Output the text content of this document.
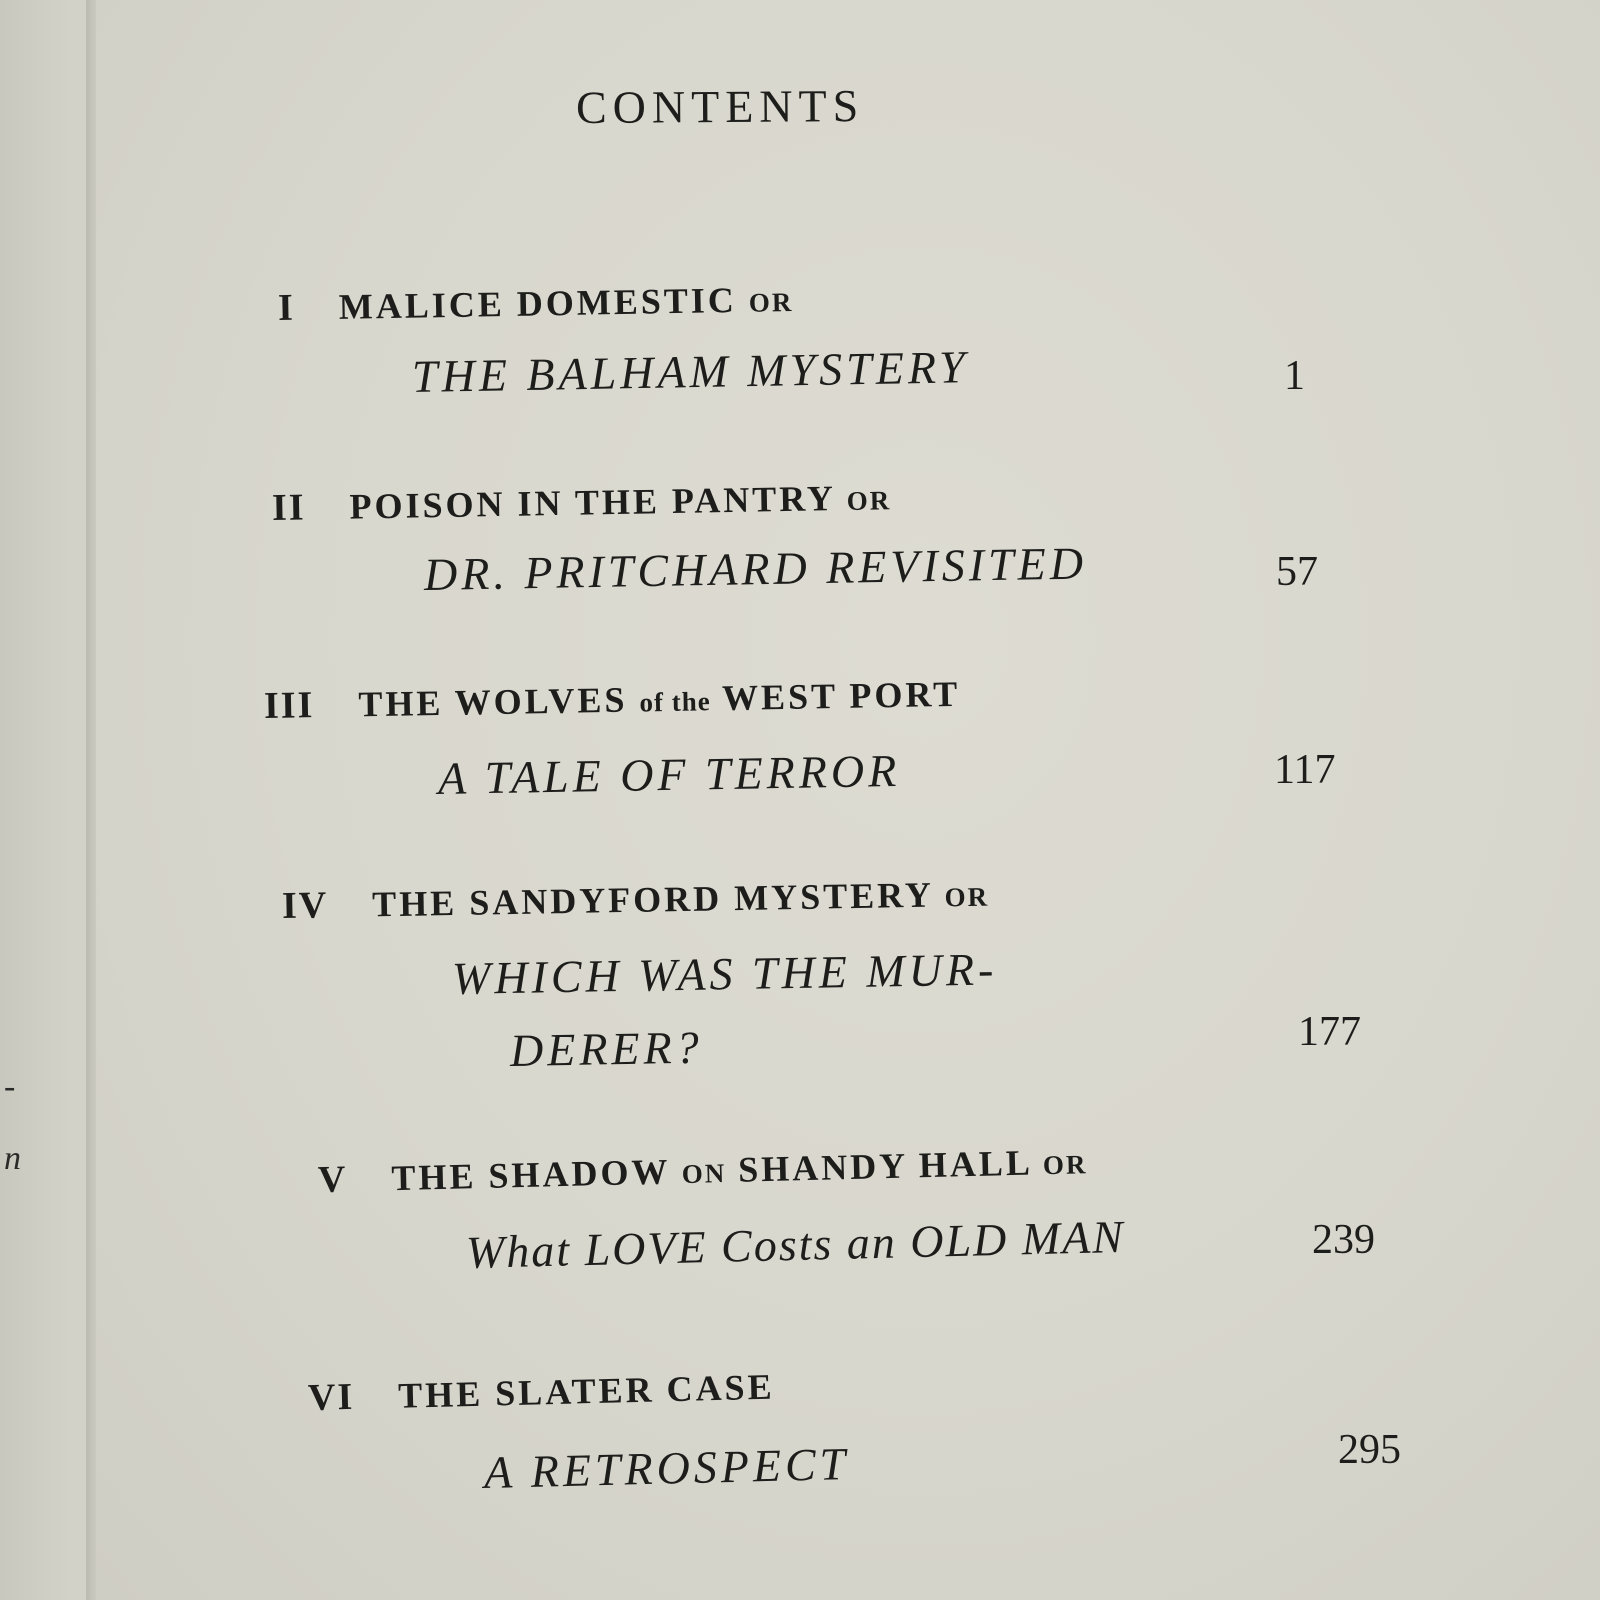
-
n
CONTENTS
I MALICE DOMESTIC OR
THE BALHAM MYSTERY	1
II POISON IN THE PANTRY OR
DR. PRITCHARD REVISITED	57
III THE WOLVES of the WEST PORT
A TALE OF TERROR	117
IV THE SANDYFORD MYSTERY OR
WHICH WAS THE MUR-
DERER?	177
V THE SHADOW ON SHANDY HALL OR
What LOVE Costs an OLD MAN	239
VI THE SLATER CASE
A RETROSPECT	295
